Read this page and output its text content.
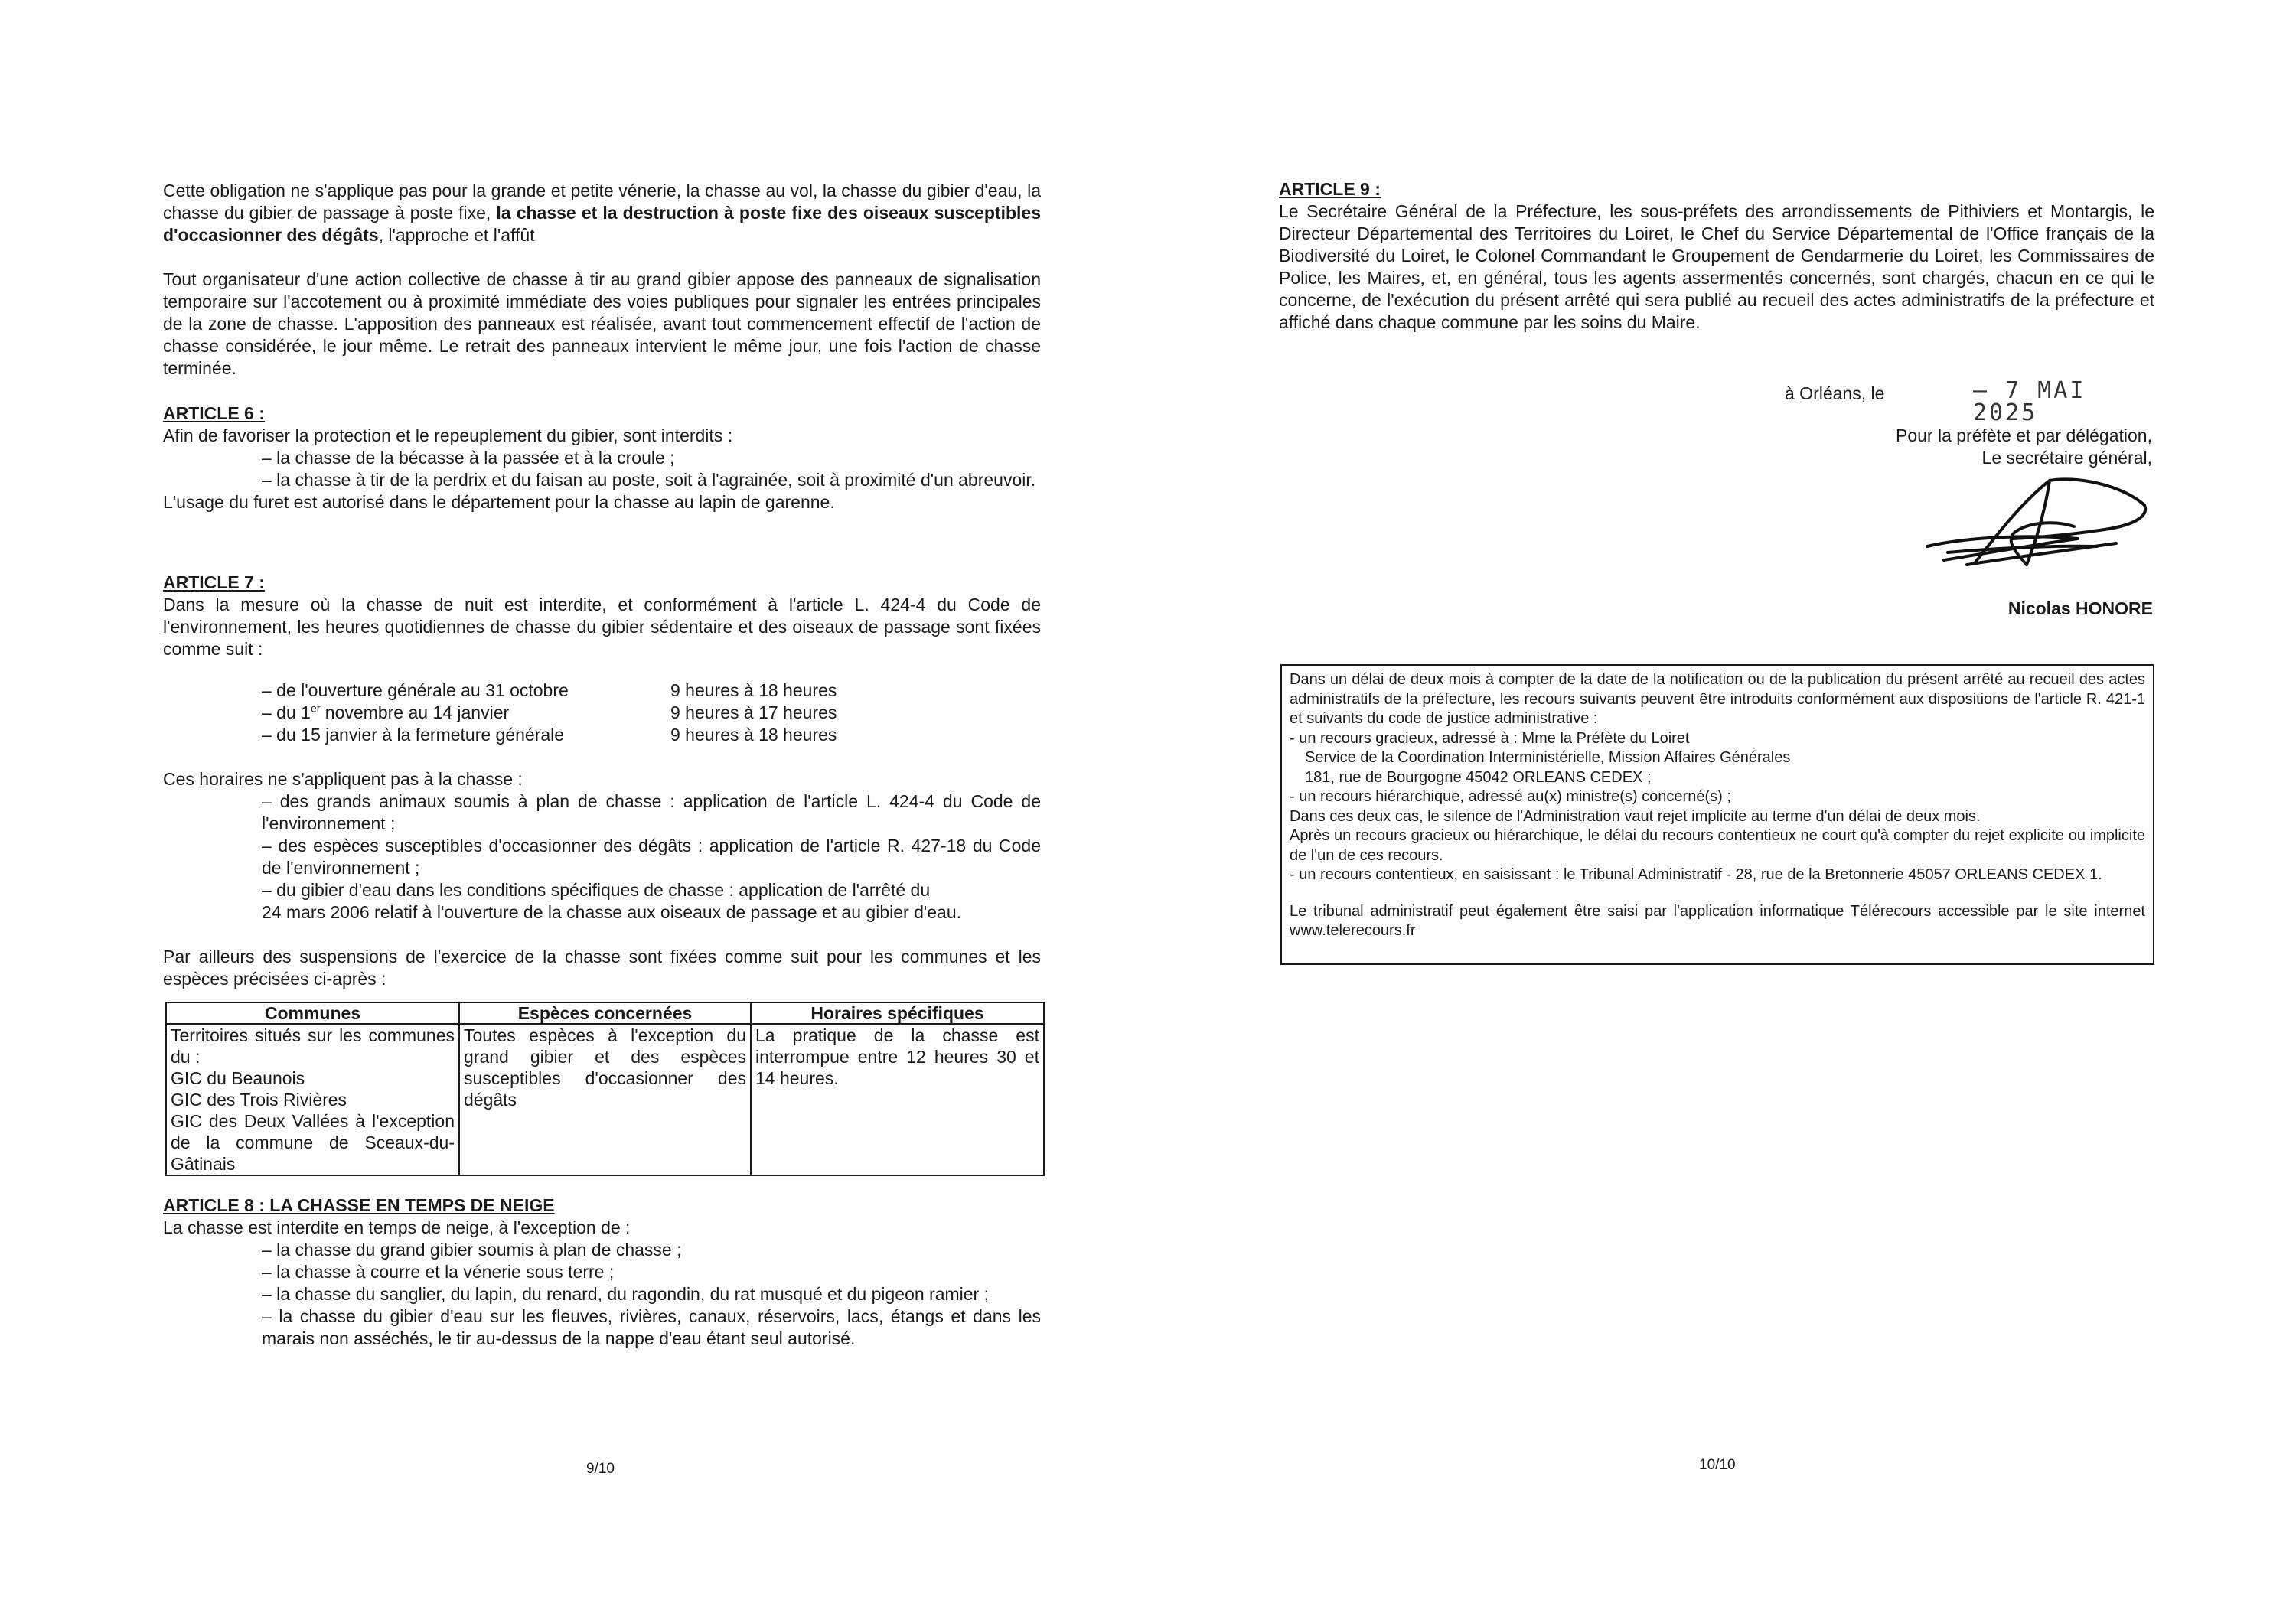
Cette obligation ne s'applique pas pour la grande et petite vénerie, la chasse au vol, la chasse du gibier d'eau, la chasse du gibier de passage à poste fixe, la chasse et la destruction à poste fixe des oiseaux susceptibles d'occasionner des dégâts, l'approche et l'affût

Tout organisateur d'une action collective de chasse à tir au grand gibier appose des panneaux de signalisation temporaire sur l'accotement ou à proximité immédiate des voies publiques pour signaler les entrées principales de la zone de chasse. L'apposition des panneaux est réalisée, avant tout commencement effectif de l'action de chasse considérée, le jour même. Le retrait des panneaux intervient le même jour, une fois l'action de chasse terminée.

ARTICLE 6 :

Afin de favoriser la protection et le repeuplement du gibier, sont interdits :

– la chasse de la bécasse à la passée et à la croule ;
– la chasse à tir de la perdrix et du faisan au poste, soit à l'agrainée, soit à proximité d'un abreuvoir.

L'usage du furet est autorisé dans le département pour la chasse au lapin de garenne.

ARTICLE 7 :

Dans la mesure où la chasse de nuit est interdite, et conformément à l'article L. 424-4 du Code de l'environnement, les heures quotidiennes de chasse du gibier sédentaire et des oiseaux de passage sont fixées comme suit :

– de l'ouverture générale au 31 octobre	9 heures à 18 heures
– du 1er novembre au 14 janvier	9 heures à 17 heures
– du 15 janvier à la fermeture générale	9 heures à 18 heures

Ces horaires ne s'appliquent pas à la chasse :

– des grands animaux soumis à plan de chasse : application de l'article L. 424-4 du Code de l'environnement ;
– des espèces susceptibles d'occasionner des dégâts : application de l'article R. 427-18 du Code de l'environnement ;
– du gibier d'eau dans les conditions spécifiques de chasse : application de l'arrêté du
24 mars 2006 relatif à l'ouverture de la chasse aux oiseaux de passage et au gibier d'eau.

Par ailleurs des suspensions de l'exercice de la chasse sont fixées comme suit pour les communes et les espèces précisées ci-après :

Communes	Espèces concernées	Horaires spécifiques

Territoires situés sur les communes du :
GIC du Beaunois
GIC des Trois Rivières
GIC des Deux Vallées à l'exception de la commune de Sceaux-du-Gâtinais	Toutes espèces à l'exception du grand gibier et des espèces susceptibles d'occasionner des dégâts	La pratique de la chasse est interrompue entre 12 heures 30 et 14 heures.
ARTICLE 8 : LA CHASSE EN TEMPS DE NEIGE

La chasse est interdite en temps de neige, à l'exception de :

– la chasse du grand gibier soumis à plan de chasse ;
– la chasse à courre et la vénerie sous terre ;
– la chasse du sanglier, du lapin, du renard, du ragondin, du rat musqué et du pigeon ramier ;
– la chasse du gibier d'eau sur les fleuves, rivières, canaux, réservoirs, lacs, étangs et dans les marais non asséchés, le tir au-dessus de la nappe d'eau étant seul autorisé.
9/10
ARTICLE 9 :

Le Secrétaire Général de la Préfecture, les sous-préfets des arrondissements de Pithiviers et Montargis, le Directeur Départemental des Territoires du Loiret, le Chef du Service Départemental de l'Office français de la Biodiversité du Loiret, le Colonel Commandant le Groupement de Gendarmerie du Loiret, les Commissaires de Police, les Maires, et, en général, tous les agents assermentés concernés, sont chargés, chacun en ce qui le concerne, de l'exécution du présent arrêté qui sera publié au recueil des actes administratifs de la préfecture et affiché dans chaque commune par les soins du Maire.

à Orléans, le	– 7 MAI 2025
Pour la préfète et par délégation,
Le secrétaire général,
Nicolas HONORE

Dans un délai de deux mois à compter de la date de la notification ou de la publication du présent arrêté au recueil des actes administratifs de la préfecture, les recours suivants peuvent être introduits conformément aux dispositions de l'article R. 421-1 et suivants du code de justice administrative :

- un recours gracieux, adressé à : Mme la Préfète du Loiret

Service de la Coordination Interministérielle, Mission Affaires Générales

181, rue de Bourgogne 45042 ORLEANS CEDEX ;

- un recours hiérarchique, adressé au(x) ministre(s) concerné(s) ;

Dans ces deux cas, le silence de l'Administration vaut rejet implicite au terme d'un délai de deux mois.

Après un recours gracieux ou hiérarchique, le délai du recours contentieux ne court qu'à compter du rejet explicite ou implicite de l'un de ces recours.

- un recours contentieux, en saisissant : le Tribunal Administratif - 28, rue de la Bretonnerie 45057 ORLEANS CEDEX 1.

Le tribunal administratif peut également être saisi par l'application informatique Télérecours accessible par le site internet www.telerecours.fr

10/10
